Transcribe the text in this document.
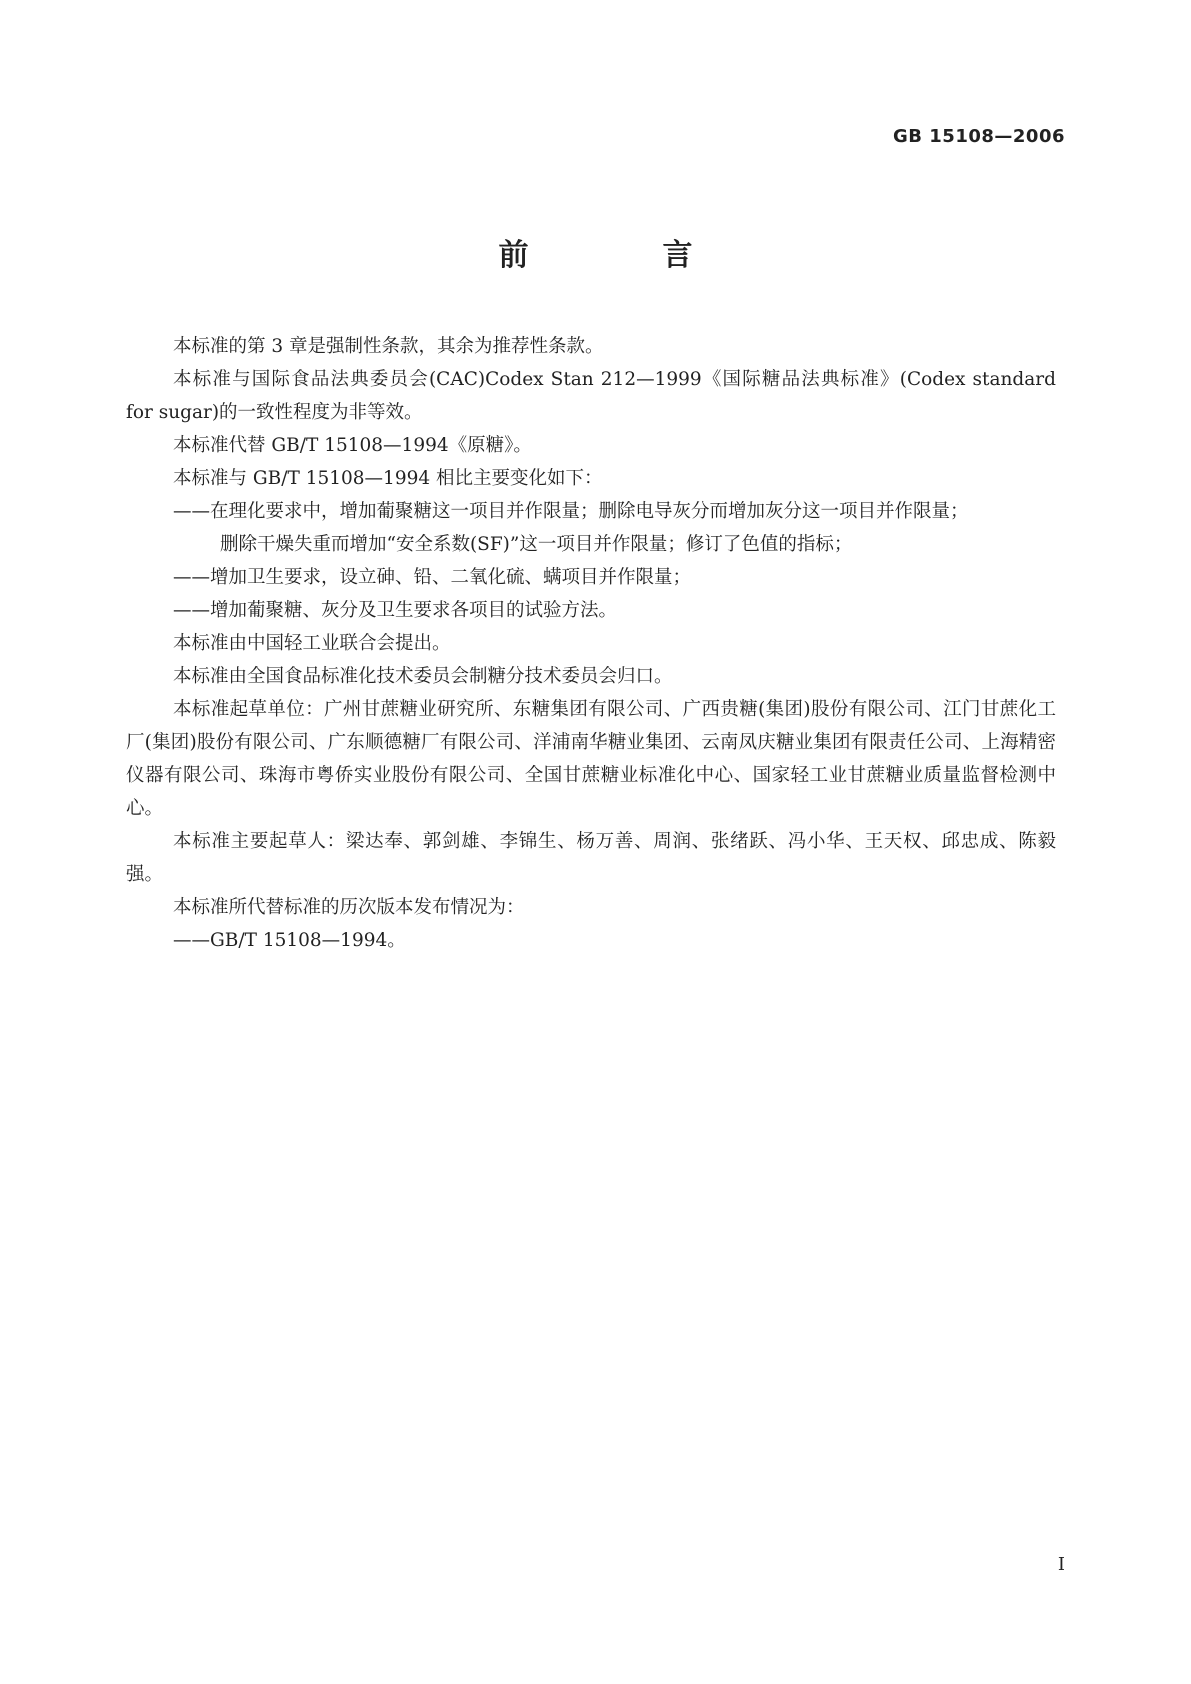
GB 15108—2006
前　言

本标准的第 3 章是强制性条款，其余为推荐性条款。

本标准与国际食品法典委员会(CAC)Codex Stan 212—1999《国际糖品法典标准》(Codex standard for sugar)的一致性程度为非等效。

本标准代替 GB/T 15108—1994《原糖》。

本标准与 GB/T 15108—1994 相比主要变化如下：

——在理化要求中，增加葡聚糖这一项目并作限量；删除电导灰分而增加灰分这一项目并作限量；

删除干燥失重而增加“安全系数(SF)”这一项目并作限量；修订了色值的指标；

——增加卫生要求，设立砷、铅、二氧化硫、螨项目并作限量；

——增加葡聚糖、灰分及卫生要求各项目的试验方法。

本标准由中国轻工业联合会提出。

本标准由全国食品标准化技术委员会制糖分技术委员会归口。

本标准起草单位：广州甘蔗糖业研究所、东糖集团有限公司、广西贵糖(集团)股份有限公司、江门甘蔗化工厂(集团)股份有限公司、广东顺德糖厂有限公司、洋浦南华糖业集团、云南凤庆糖业集团有限责任公司、上海精密仪器有限公司、珠海市粤侨实业股份有限公司、全国甘蔗糖业标准化中心、国家轻工业甘蔗糖业质量监督检测中心。

本标准主要起草人：梁达奉、郭剑雄、李锦生、杨万善、周润、张绪跃、冯小华、王天权、邱忠成、陈毅强。

本标准所代替标准的历次版本发布情况为：

——GB/T 15108—1994。

I
